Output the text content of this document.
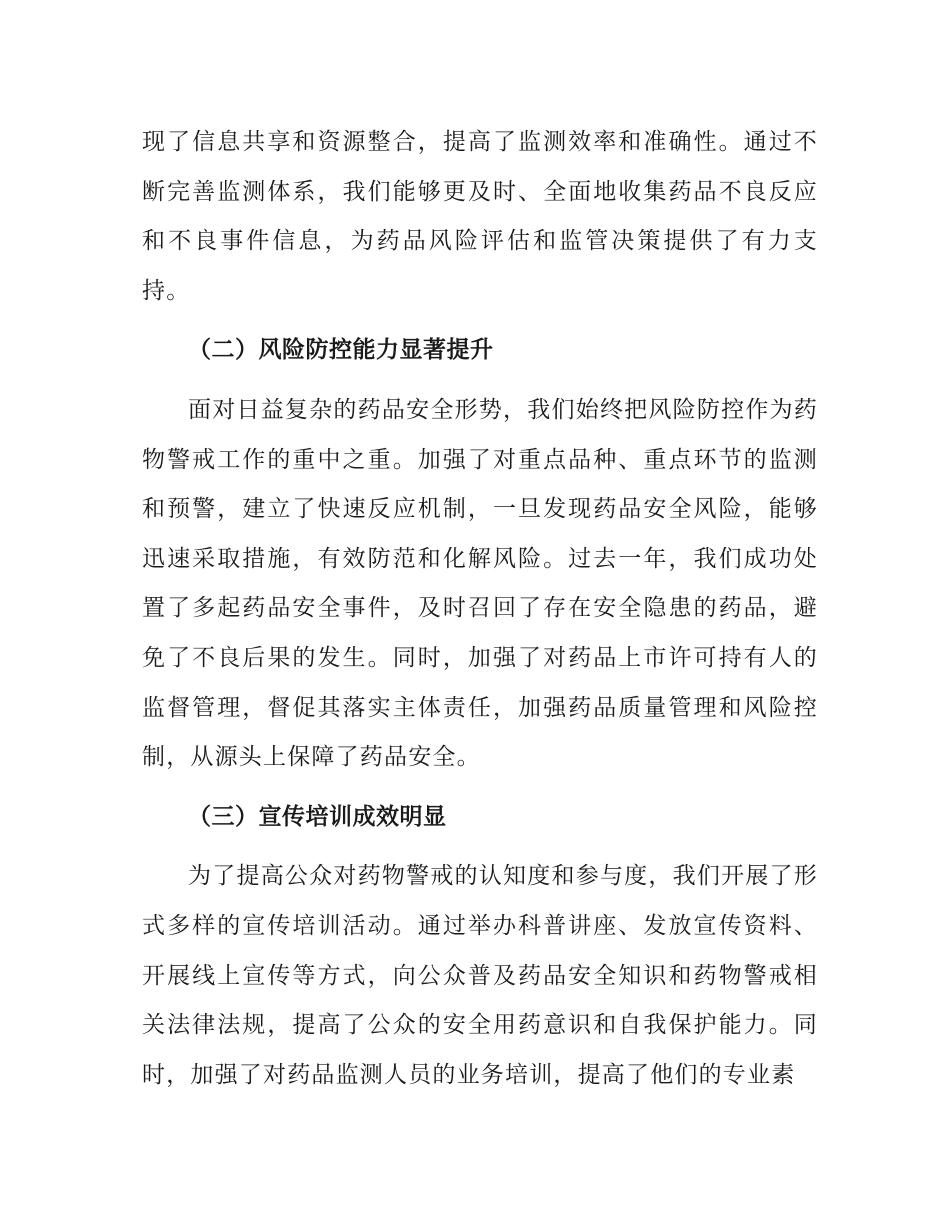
现了信息共享和资源整合，提高了监测效率和准确性。通过不断完善监测体系，我们能够更及时、全面地收集药品不良反应和不良事件信息，为药品风险评估和监管决策提供了有力支持。

（二）风险防控能力显著提升

面对日益复杂的药品安全形势，我们始终把风险防控作为药物警戒工作的重中之重。加强了对重点品种、重点环节的监测和预警，建立了快速反应机制，一旦发现药品安全风险，能够迅速采取措施，有效防范和化解风险。过去一年，我们成功处置了多起药品安全事件，及时召回了存在安全隐患的药品，避免了不良后果的发生。同时，加强了对药品上市许可持有人的监督管理，督促其落实主体责任，加强药品质量管理和风险控制，从源头上保障了药品安全。

（三）宣传培训成效明显

为了提高公众对药物警戒的认知度和参与度，我们开展了形式多样的宣传培训活动。通过举办科普讲座、发放宣传资料、开展线上宣传等方式，向公众普及药品安全知识和药物警戒相关法律法规，提高了公众的安全用药意识和自我保护能力。同时，加强了对药品监测人员的业务培训，提高了他们的专业素
